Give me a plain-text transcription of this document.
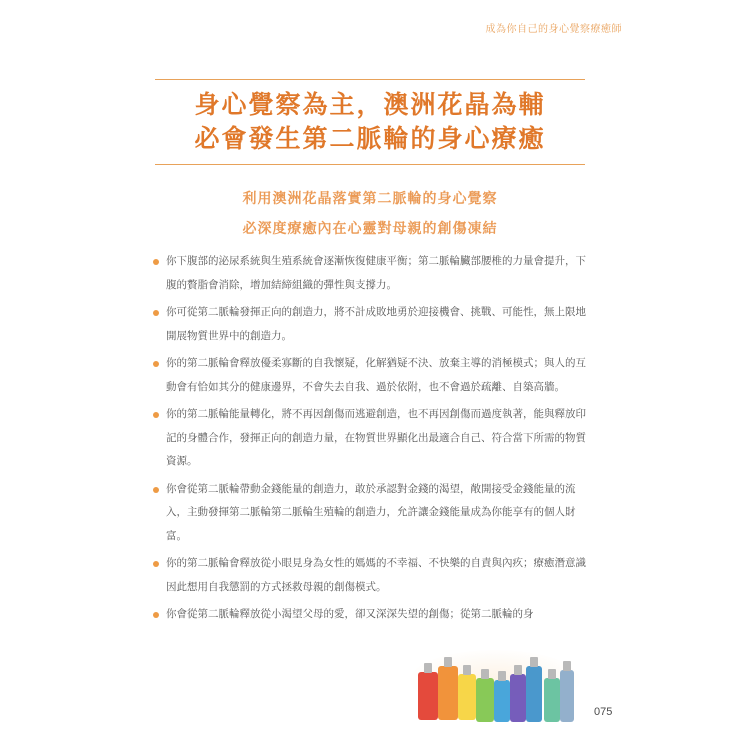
成為你自己的身心覺察療癒師
身心覺察為主，澳洲花晶為輔
必會發生第二脈輪的身心療癒
利用澳洲花晶落實第二脈輪的身心覺察
必深度療癒內在心靈對母親的創傷凍結
你下腹部的泌尿系統與生殖系統會逐漸恢復健康平衡；第二脈輪臟部腰椎的力量會提升，下腹的贅脂會消除，增加結締組織的彈性與支撐力。
你可從第二脈輪發揮正向的創造力，將不計成敗地勇於迎接機會、挑戰、可能性，無上限地開展物質世界中的創造力。
你的第二脈輪會釋放優柔寡斷的自我懷疑，化解猶疑不決、放棄主導的消極模式；與人的互動會有恰如其分的健康邊界，不會失去自我、過於依附，也不會過於疏離、自築高牆。
你的第二脈輪能量轉化，將不再因創傷而逃避創造，也不再因創傷而過度執著，能與釋放印記的身體合作，發揮正向的創造力量，在物質世界顯化出最適合自己、符合當下所需的物質資源。
你會從第二脈輪帶動金錢能量的創造力，敢於承認對金錢的渴望，敞開接受金錢能量的流入，主動發揮第二脈輪第二脈輪生殖輪的創造力，允許讓金錢能量成為你能享有的個人財富。
你的第二脈輪會釋放從小眼見身為女性的媽媽的不幸福、不快樂的自責與內疚；療癒潛意識因此想用自我懲罰的方式拯救母親的創傷模式。
你會從第二脈輪釋放從小渴望父母的愛，卻又深深失望的創傷；從第二脈輪的身
075
